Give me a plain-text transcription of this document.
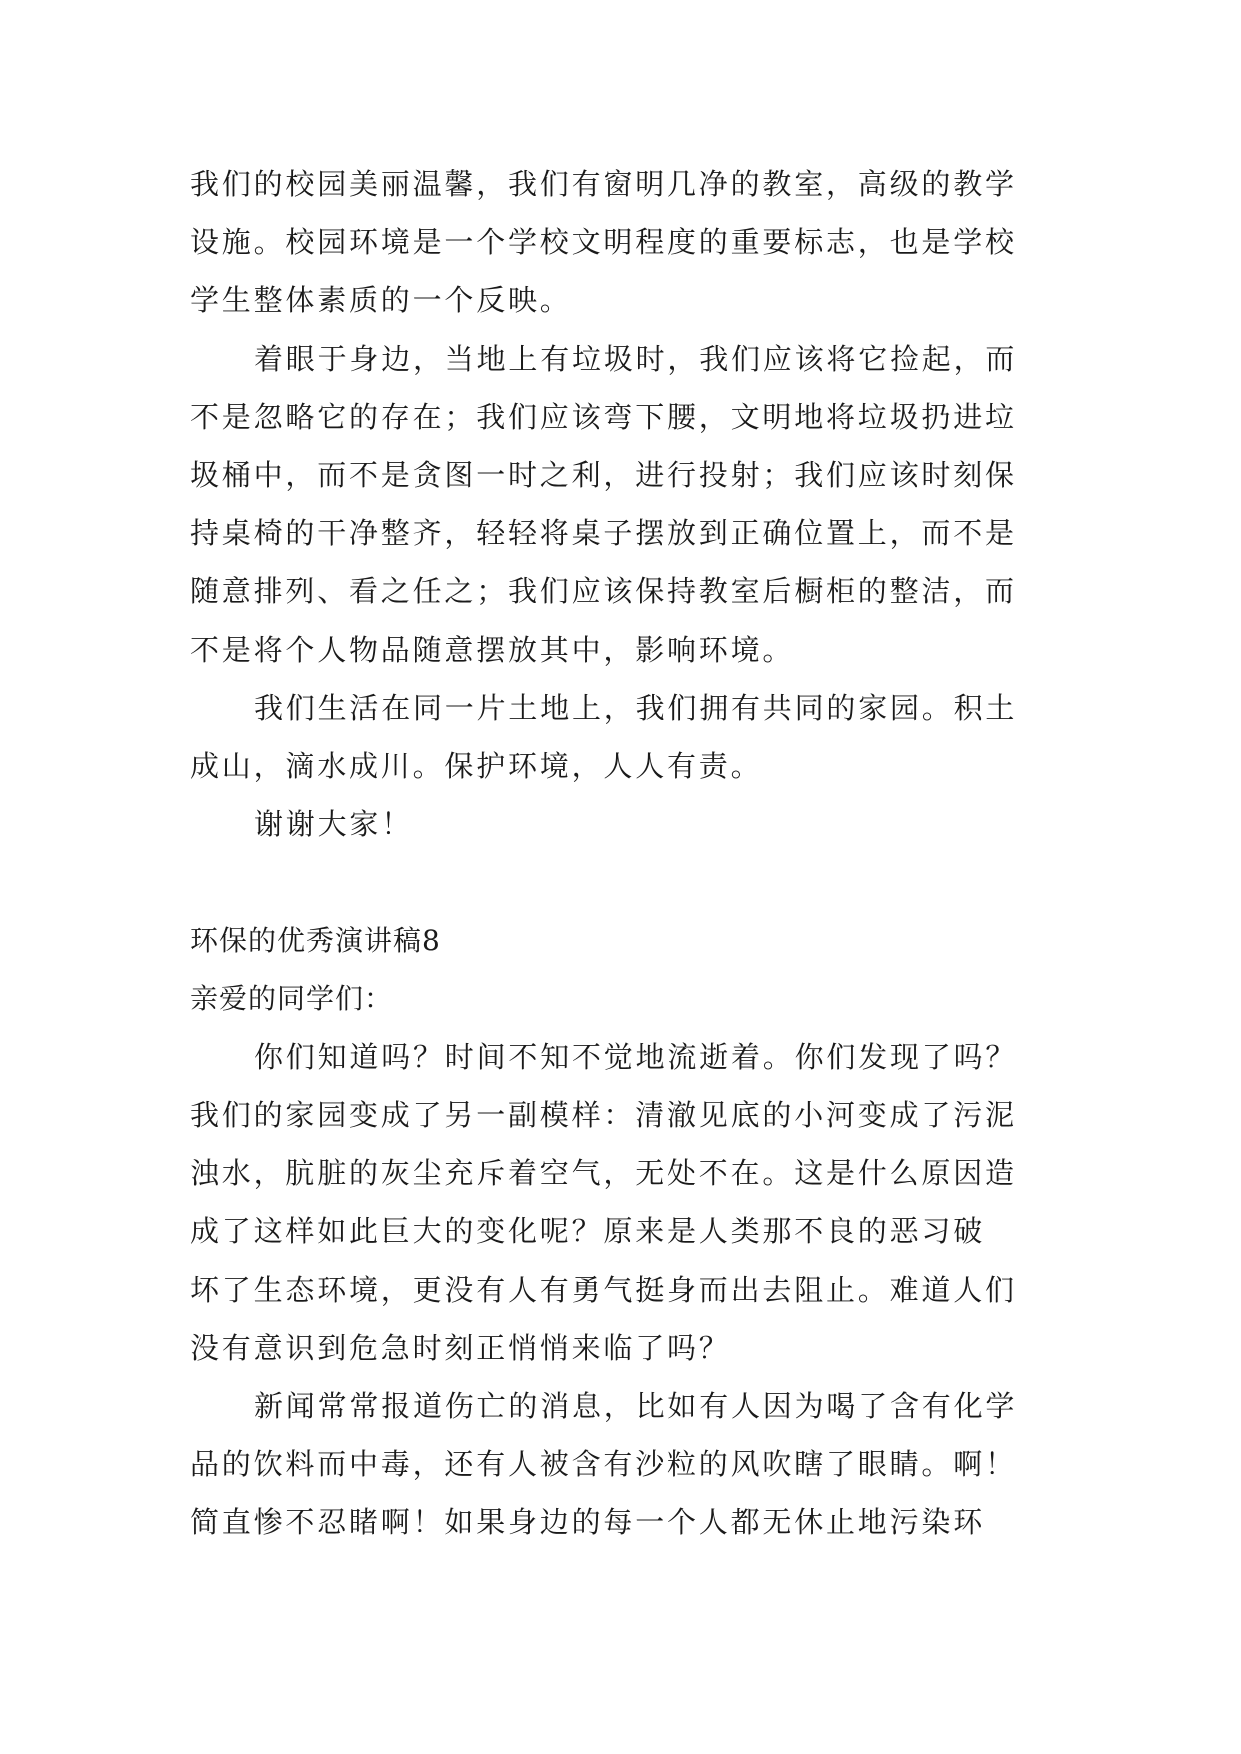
我们的校园美丽温馨，我们有窗明几净的教室，高级的教学
设施。校园环境是一个学校文明程度的重要标志，也是学校
学生整体素质的一个反映。
着眼于身边，当地上有垃圾时，我们应该将它捡起，而
不是忽略它的存在；我们应该弯下腰，文明地将垃圾扔进垃
圾桶中，而不是贪图一时之利，进行投射；我们应该时刻保
持桌椅的干净整齐，轻轻将桌子摆放到正确位置上，而不是
随意排列、看之任之；我们应该保持教室后橱柜的整洁，而
不是将个人物品随意摆放其中，影响环境。
我们生活在同一片土地上，我们拥有共同的家园。积土
成山，滴水成川。保护环境，人人有责。
谢谢大家！
环保的优秀演讲稿8
亲爱的同学们：
你们知道吗？时间不知不觉地流逝着。你们发现了吗？
我们的家园变成了另一副模样：清澈见底的小河变成了污泥
浊水，肮脏的灰尘充斥着空气，无处不在。这是什么原因造
成了这样如此巨大的变化呢？原来是人类那不良的恶习破
坏了生态环境，更没有人有勇气挺身而出去阻止。难道人们
没有意识到危急时刻正悄悄来临了吗？
新闻常常报道伤亡的消息，比如有人因为喝了含有化学
品的饮料而中毒，还有人被含有沙粒的风吹瞎了眼睛。啊！
简直惨不忍睹啊！如果身边的每一个人都无休止地污染环
